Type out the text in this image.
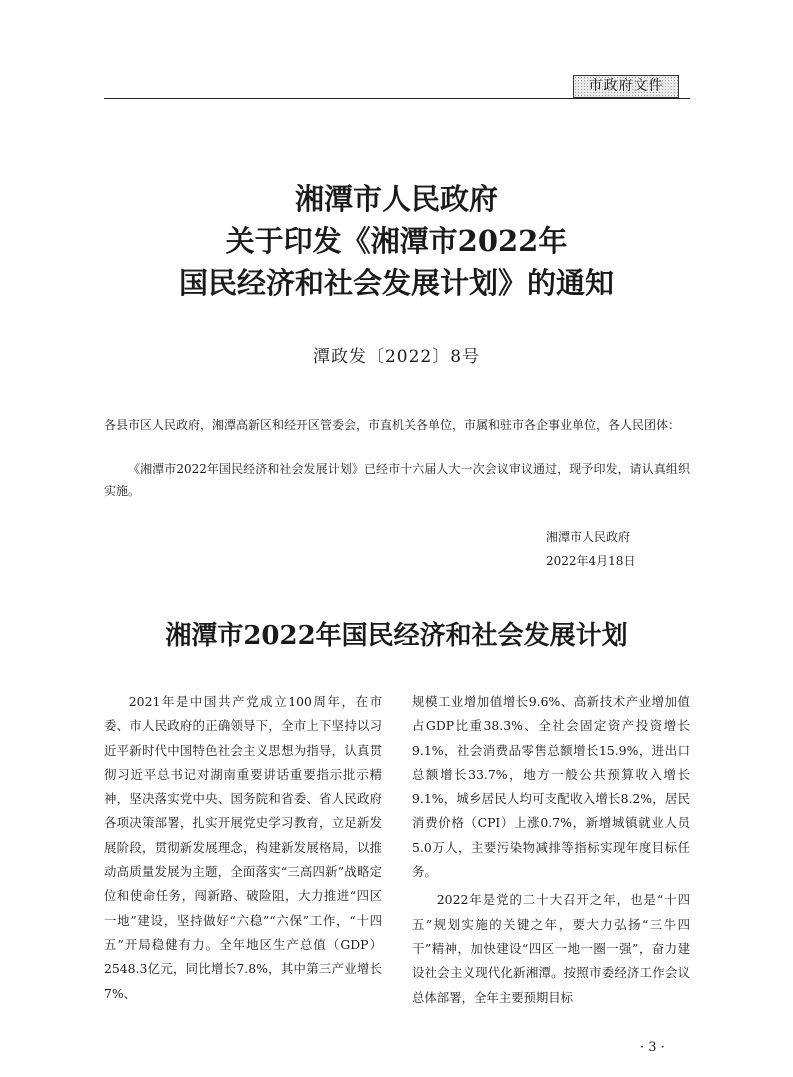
市政府文件
湘潭市人民政府
关于印发《湘潭市2022年
国民经济和社会发展计划》的通知
潭政发〔2022〕8号
各县市区人民政府，湘潭高新区和经开区管委会，市直机关各单位，市属和驻市各企事业单位，各人民团体：
《湘潭市2022年国民经济和社会发展计划》已经市十六届人大一次会议审议通过，现予印发，请认真组织实施。
湘潭市人民政府
2022年4月18日
湘潭市2022年国民经济和社会发展计划

2021年是中国共产党成立100周年，在市委、市人民政府的正确领导下，全市上下坚持以习近平新时代中国特色社会主义思想为指导，认真贯彻习近平总书记对湖南重要讲话重要指示批示精神，坚决落实党中央、国务院和省委、省人民政府各项决策部署，扎实开展党史学习教育，立足新发展阶段，贯彻新发展理念，构建新发展格局，以推动高质量发展为主题，全面落实“三高四新”战略定位和使命任务，闯新路、破险阻，大力推进“四区一地”建设，坚持做好“六稳”“六保”工作，“十四五”开局稳健有力。全年地区生产总值（GDP）2548.3亿元，同比增长7.8%，其中第三产业增长7%、

规模工业增加值增长9.6%、高新技术产业增加值占GDP比重38.3%、全社会固定资产投资增长9.1%，社会消费品零售总额增长15.9%，进出口总额增长33.7%，地方一般公共预算收入增长9.1%，城乡居民人均可支配收入增长8.2%，居民消费价格（CPI）上涨0.7%，新增城镇就业人员5.0万人，主要污染物减排等指标实现年度目标任务。

2022年是党的二十大召开之年，也是“十四五”规划实施的关键之年，要大力弘扬“三牛四干”精神，加快建设“四区一地一圈一强”，奋力建设社会主义现代化新湘潭。按照市委经济工作会议总体部署，全年主要预期目标

· 3 ·
